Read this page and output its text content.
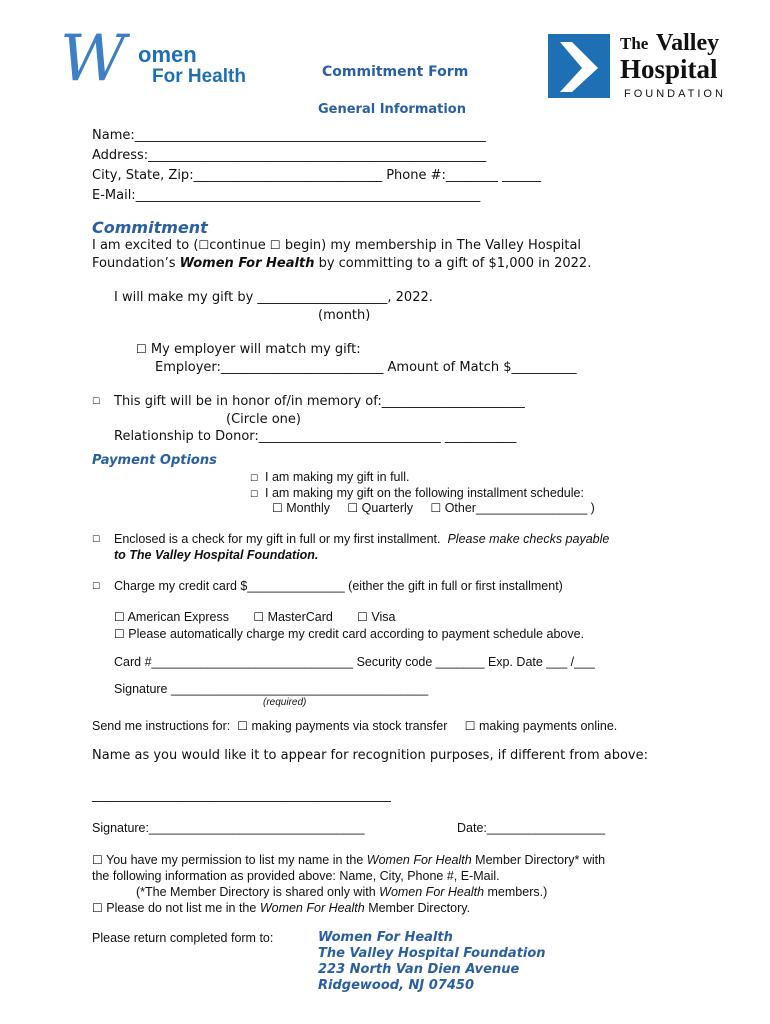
W omen
For Health
The Valley
Hospital
FOUNDATION
Commitment Form
General Information
Name:______________________________________________________
Address:____________________________________________________
City, State, Zip:_____________________________ Phone #:________ ______
E-Mail:_____________________________________________________
Commitment
I am excited to (☐continue ☐ begin) my membership in The Valley Hospital
Foundation’s Women For Health by committing to a gift of $1,000 in 2022.
I will make my gift by ____________________, 2022.
(month)
☐ My employer will match my gift:
Employer:_________________________ Amount of Match $__________
☐ This gift will be in honor of/in memory of:______________________
(Circle one)
Relationship to Donor:____________________________ ___________
Payment Options
☐ I am making my gift in full.
☐ I am making my gift on the following installment schedule:
☐ Monthly ☐ Quarterly ☐ Other________________ )
☐ Enclosed is a check for my gift in full or my first installment. Please make checks payable
to The Valley Hospital Foundation.
☐ Charge my credit card $______________ (either the gift in full or first installment)
☐ American Express ☐ MasterCard ☐ Visa
☐ Please automatically charge my credit card according to payment schedule above.
Card #_____________________________ Security code _______ Exp. Date ___ /___
Signature _____________________________________
(required)
Send me instructions for: ☐ making payments via stock transfer ☐ making payments online.
Name as you would like it to appear for recognition purposes, if different from above:
______________________________________________
Signature:_______________________________	Date:_________________
☐ You have my permission to list my name in the Women For Health Member Directory* with
the following information as provided above: Name, City, Phone #, E-Mail.
(*The Member Directory is shared only with Women For Health members.)
☐ Please do not list me in the Women For Health Member Directory.
Please return completed form to:	Women For Health
The Valley Hospital Foundation
223 North Van Dien Avenue
Ridgewood, NJ 07450
